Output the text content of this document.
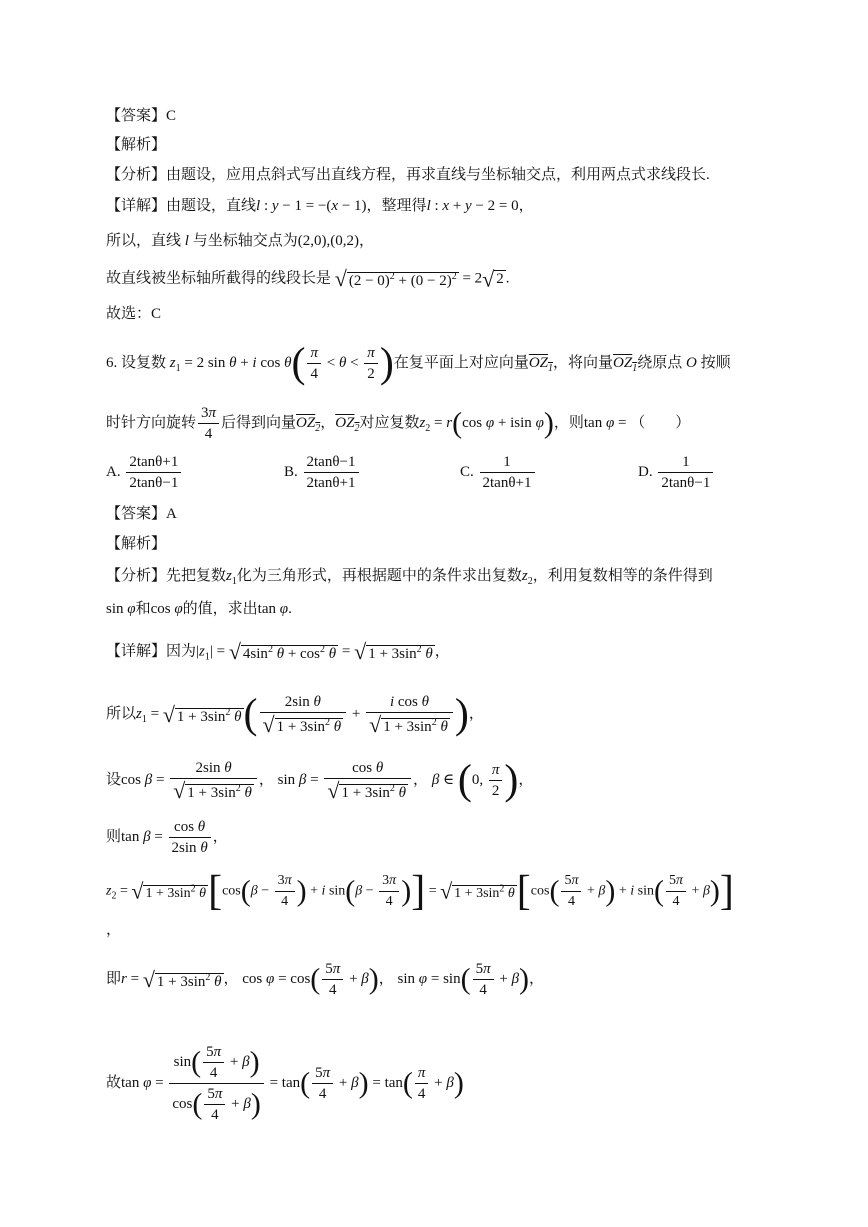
【答案】C
【解析】
【分析】由题设，应用点斜式写出直线方程，再求直线与坐标轴交点，利用两点式求线段长.
【详解】由题设，直线l : y − 1 = −(x − 1)，整理得l : x + y − 2 = 0，
所以，直线 l 与坐标轴交点为(2,0),(0,2)，
故直线被坐标轴所截得的线段长是 √ $(2 - 0)^2 + (0 - 2)^2 = 2√$ 2 .
故选：C
6. 设复数 $z_1 = 2$ sin θ + i $\cos \theta( \frac{\pi}{4} < \theta < \frac{\pi}{2}$ )在复平面上对应向量$OZ_1$，将向量$OZ_1$绕原点 O 按顺
时针方向旋转 $\frac{3\pi}{4}$ 后得到向量$OZ_2$，$OZ_2$对应复数$z_2 = r(\cos$ φ + isin φ)，则tan φ = （　　）
A. $\frac{2\tan\theta+1}{2\tan\theta-1}$	B. $\frac{2\tan\theta-1}{2\tan\theta+1}$	C. $\frac{1}{2\tan\theta+1}$	D. $\frac{1}{2\tan\theta-1}$
【答案】A
【解析】
【分析】先把复数$z_1$化为三角形式，再根据题中的条件求出复数$z_2$，利用复数相等的条件得到
sin φ和cos φ的值，求出tan φ.
【详解】因为$|z_1|$ = √ $4\sin^2$ $\theta + \cos^2 \theta$ = √ $1 + 3\sin^2$ θ ，
所以$z_1$ = √ $1 + 3\sin^2$ $\theta( \frac{\text{2sin θ}}{√ 1 + 3\sin^2 \theta} + \frac{\text{i cos θ}}{√ 1 + 3\sin^2 \theta}$ )，
设$\cos \beta = \frac{\text{2sin θ}}{√ 1 + 3\sin^2 \theta}$ ， $\sin \beta = \frac{\text{cos θ}}{√ 1 + 3\sin^2 \theta}$ ， β ∈ (0, $\frac{\pi}{2}$ )，
则$\tan \beta = \frac{\text{cos θ}}{\text{2sin θ}}$ ，
$z_2$ = √ $1 + 3\sin^2$ $\theta[\cos(\beta - \frac{3\pi}{4}$ ) + i $\sin(\beta - \frac{3\pi}{4}$ )] = √ $1 + 3\sin^2$ $\theta[\cos( \frac{5\pi}{4} + \beta) + i$ $\sin( \frac{5\pi}{4} + \beta)$]
，
即r = √ $1 + 3\sin^2$ θ ， $\cos \varphi = \cos( \frac{5\pi}{4} + \beta)$， $\sin \varphi = \sin( \frac{5\pi}{4} + \beta)$，
故$\tan \varphi = \frac{\sin( \frac{5\pi}{4} + \beta)}{\cos( \frac{5\pi}{4} + \beta)} = \tan( \frac{5\pi}{4} + \beta) = \tan( \frac{\pi}{4} + \beta)$
